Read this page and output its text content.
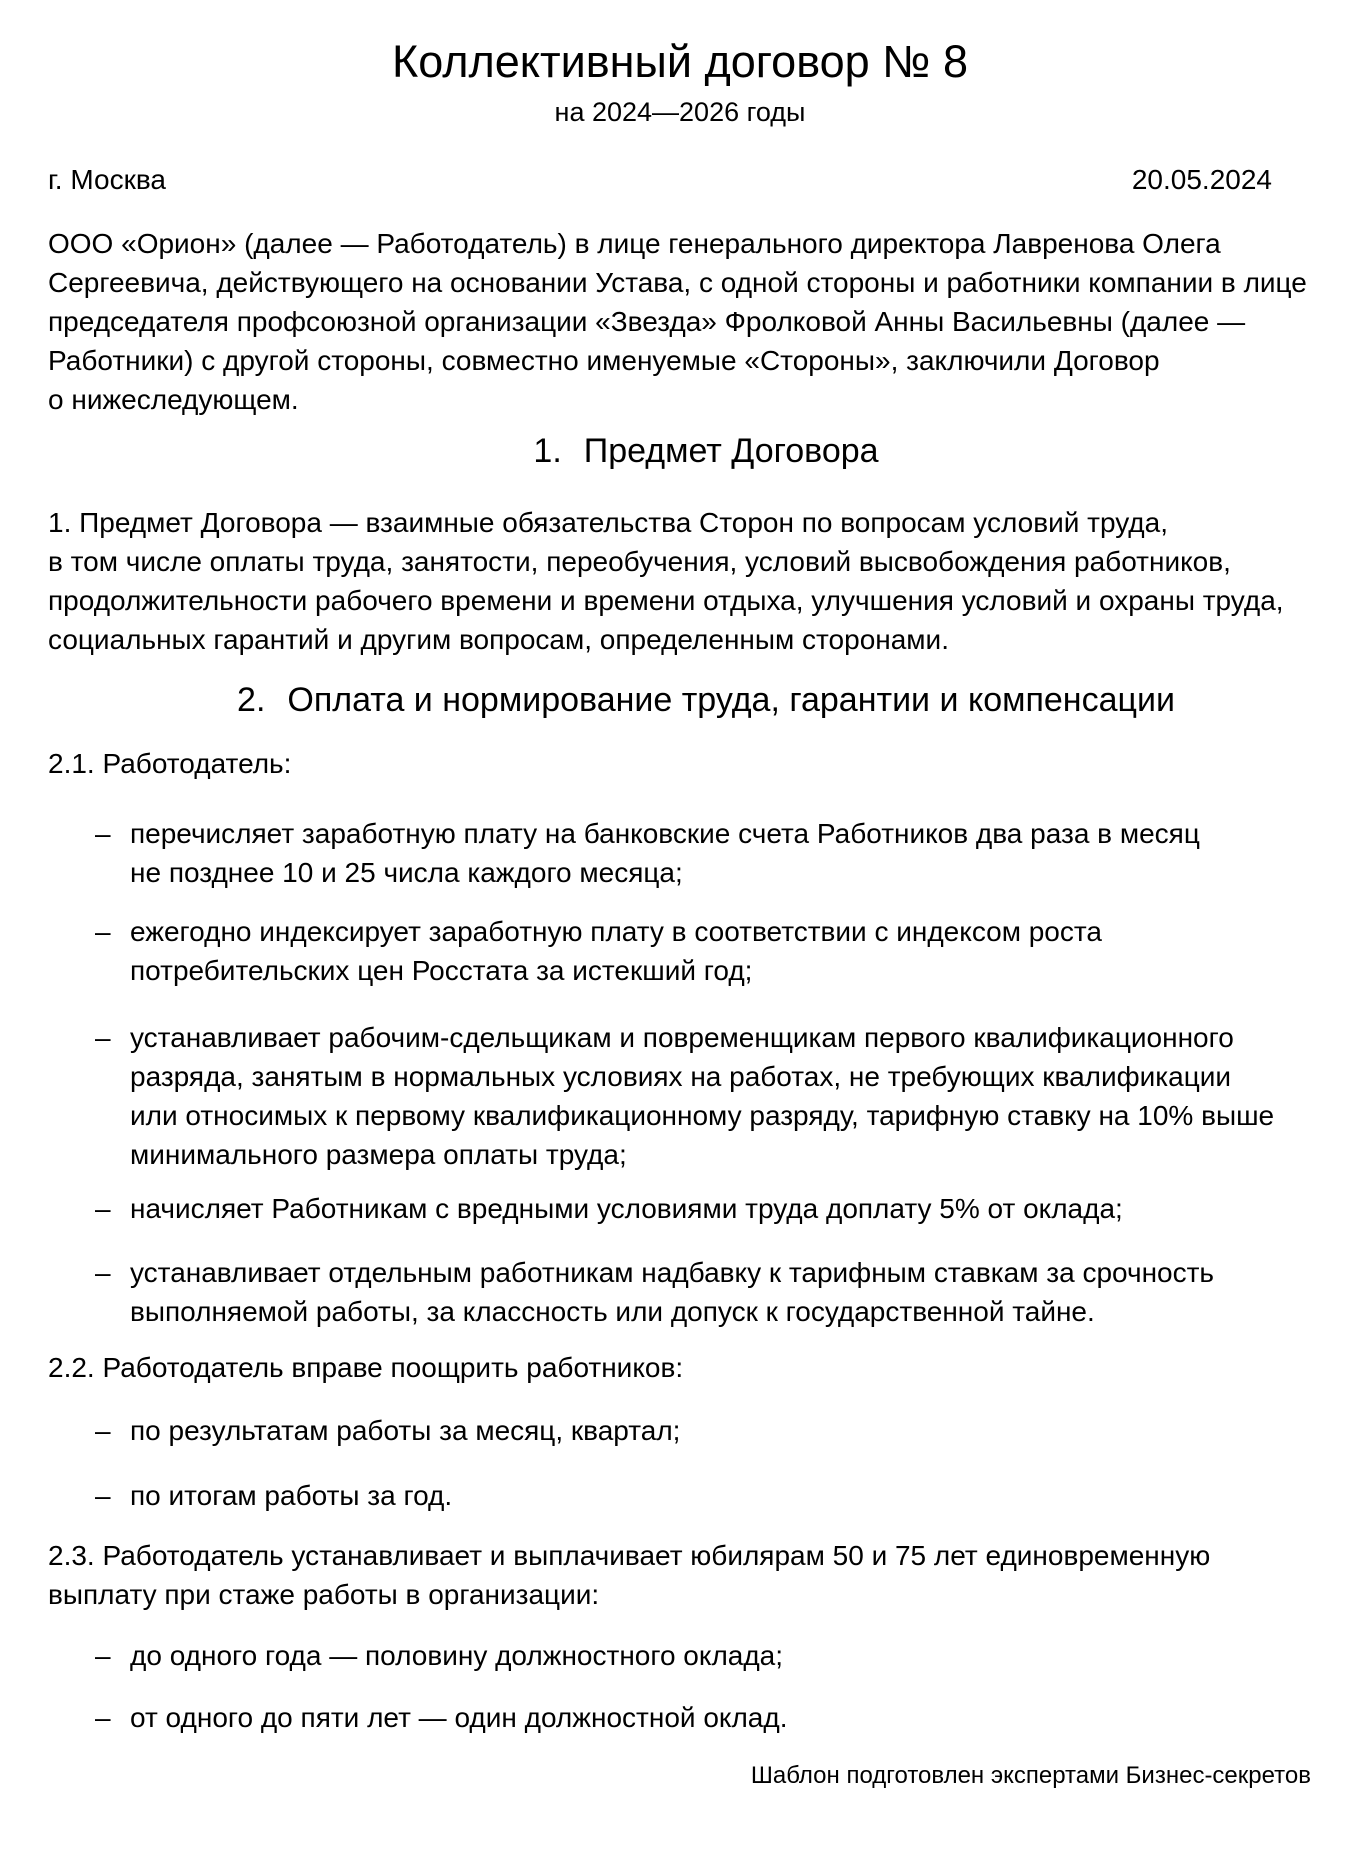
Коллективный договор № 8
на 2024—2026 годы
г. Москва	20.05.2024
ООО «Орион» (далее — Работодатель) в лице генерального директора Лавренова Олега
Сергеевича, действующего на основании Устава, с одной стороны и работники компании в лице
председателя профсоюзной организации «Звезда» Фролковой Анны Васильевны (далее —
Работники) с другой стороны, совместно именуемые «Стороны», заключили Договор
о нижеследующем.
1. Предмет Договора
1. Предмет Договора — взаимные обязательства Сторон по вопросам условий труда,
в том числе оплаты труда, занятости, переобучения, условий высвобождения работников,
продолжительности рабочего времени и времени отдыха, улучшения условий и охраны труда,
социальных гарантий и другим вопросам, определенным сторонами.
2. Оплата и нормирование труда, гарантии и компенсации
2.1. Работодатель:
– перечисляет заработную плату на банковские счета Работников два раза в месяц
не позднее 10 и 25 числа каждого месяца;
– ежегодно индексирует заработную плату в соответствии с индексом роста
потребительских цен Росстата за истекший год;
– устанавливает рабочим-сдельщикам и повременщикам первого квалификационного
разряда, занятым в нормальных условиях на работах, не требующих квалификации
или относимых к первому квалификационному разряду, тарифную ставку на 10% выше
минимального размера оплаты труда;
– начисляет Работникам с вредными условиями труда доплату 5% от оклада;
– устанавливает отдельным работникам надбавку к тарифным ставкам за срочность
выполняемой работы, за классность или допуск к государственной тайне.
2.2. Работодатель вправе поощрить работников:
– по результатам работы за месяц, квартал;
– по итогам работы за год.
2.3. Работодатель устанавливает и выплачивает юбилярам 50 и 75 лет единовременную
выплату при стаже работы в организации:
– до одного года — половину должностного оклада;
– от одного до пяти лет — один должностной оклад.
Шаблон подготовлен экспертами Бизнес-секретов
